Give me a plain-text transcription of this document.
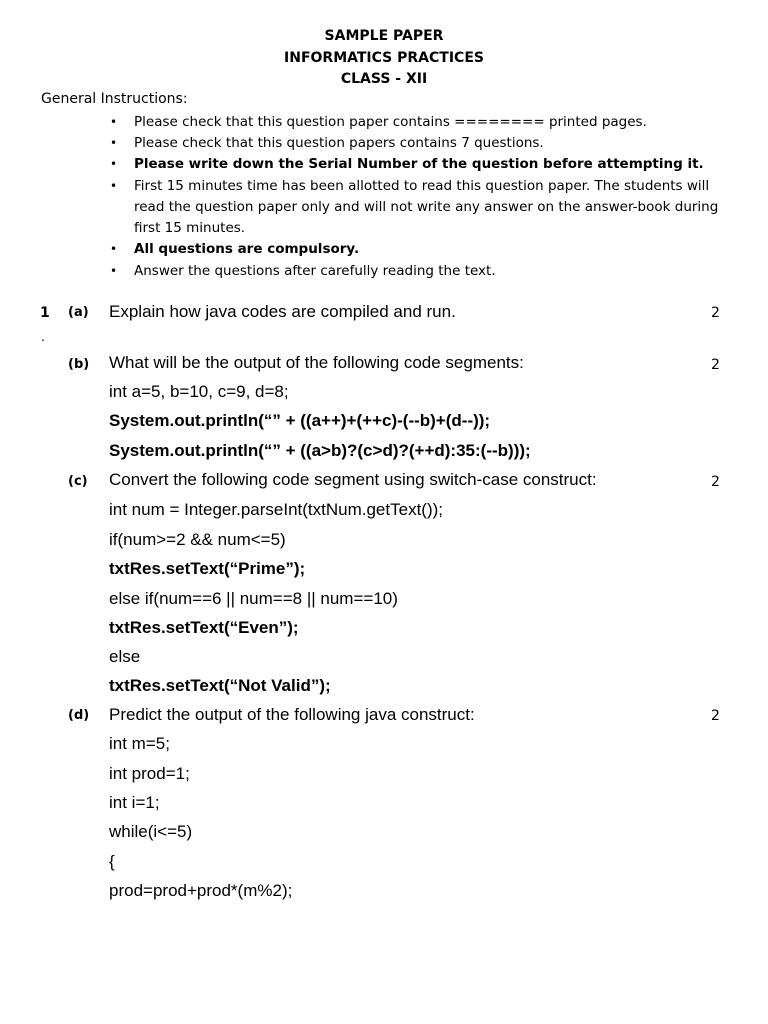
SAMPLE PAPER
INFORMATICS PRACTICES
CLASS - XII
General Instructions:
• Please check that this question paper contains ======== printed pages.
• Please check that this question papers contains 7 questions.
• Please write down the Serial Number of the question before attempting it.
• First 15 minutes time has been allotted to read this question paper. The students will read the question paper only and will not write any answer on the answer-book during first 15 minutes.
• All questions are compulsory.
• Answer the questions after carefully reading the text.
1
.
(a) Explain how java codes are compiled and run.	2
(b) What will be the output of the following code segments:	2
int a=5, b=10, c=9, d=8;
System.out.println(“” + ((a++)+(++c)-(--b)+(d--));
System.out.println(“” + ((a>b)?(c>d)?(++d):35:(--b)));
(c) Convert the following code segment using switch-case construct:	2
int num = Integer.parseInt(txtNum.getText());
if(num>=2 && num<=5)
txtRes.setText(“Prime”);
else if(num==6 || num==8 || num==10)
txtRes.setText(“Even”);
else
txtRes.setText(“Not Valid”);
(d) Predict the output of the following java construct:	2
int m=5;
int prod=1;
int i=1;
while(i<=5)
{
prod=prod+prod*(m%2);
